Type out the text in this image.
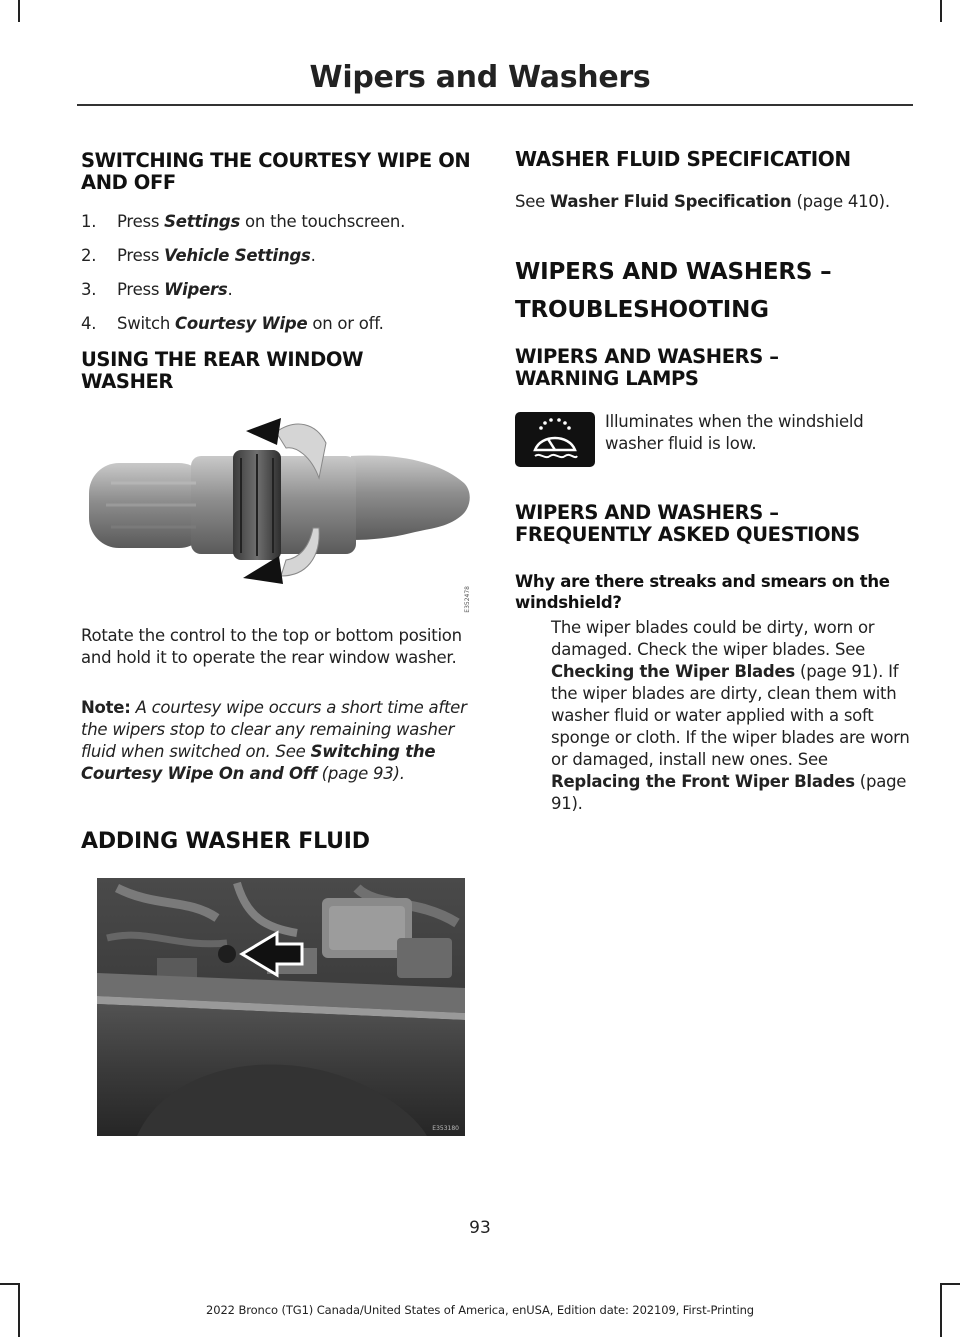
Wipers and Washers
SWITCHING THE COURTESY WIPE ON AND OFF
1.	Press Settings on the touchscreen.
2.	Press Vehicle Settings.
3.	Press Wipers.
4.	Switch Courtesy Wipe on or off.
USING THE REAR WINDOW WASHER
E352478

Rotate the control to the top or bottom position and hold it to operate the rear window washer.

Note: A courtesy wipe occurs a short time after the wipers stop to clear any remaining washer fluid when switched on. See Switching the Courtesy Wipe On and Off (page 93).

ADDING WASHER FLUID
E353180
WASHER FLUID SPECIFICATION

See Washer Fluid Specification (page 410).

WIPERS AND WASHERS –
TROUBLESHOOTING
WIPERS AND WASHERS – WARNING LAMPS
WIPERS AND WASHERS – FREQUENTLY ASKED QUESTIONS
Why are there streaks and smears on the windshield?

The wiper blades could be dirty, worn or damaged. Check the wiper blades. See Checking the Wiper Blades (page 91). If the wiper blades are dirty, clean them with washer fluid or water applied with a soft sponge or cloth. If the wiper blades are worn or damaged, install new ones. See Replacing the Front Wiper Blades (page 91).

Illuminates when the windshield washer fluid is low.

93
2022 Bronco (TG1) Canada/United States of America, enUSA, Edition date: 202109, First-Printing
